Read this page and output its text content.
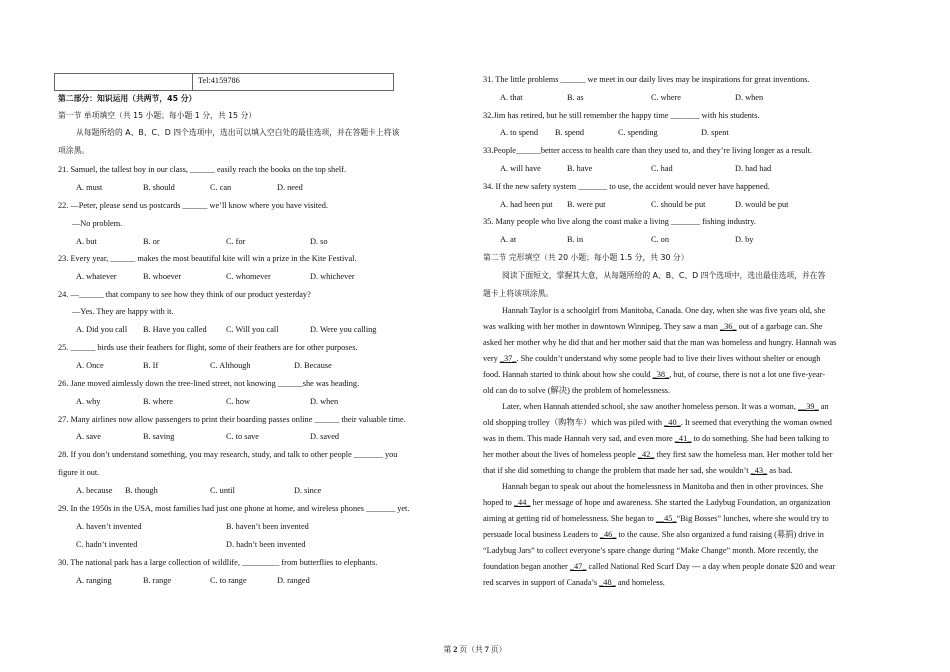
Tel:4159786
第二部分：知识运用（共两节，45 分）
第一节 单项填空（共 15 小题；每小题 1 分，共 15 分）
从每题所给的 A、B、C、D 四个选项中，选出可以填入空白处的最佳选项，并在答题卡上将该
项涂黑。
21. Samuel, the tallest boy in our class, ______ easily reach the books on the top shelf.
A. must	B. should	C. can	D. need
22. —Peter, please send us postcards ______ we’ll know where you have visited.
—No problem.
A. but	B. or	C. for	D. so
23. Every year, ______ makes the most beautiful kite will win a prize in the Kite Festival.
A. whatever	B. whoever	C. whomever	D. whichever
24. —______ that company to see how they think of our product yesterday?
—Yes. They are happy with it.
A. Did you call B. Have you called C. Will you call	D. Were you calling
25. ______ birds use their feathers for flight, some of their feathers are for other purposes.
A. Once	B. If	C. Although	D. Because
26. Jane moved aimlessly down the tree-lined street, not knowing ______she was heading.
A. why	B. where	C. how	D. when
27. Many airlines now allow passengers to print their boarding passes online ______ their valuable time.
A. save	B. saving	C. to save	D. saved
28. If you don’t understand something, you may research, study, and talk to other people _______ you
figure it out.
A. because B. though	C. until	D. since
29. In the 1950s in the USA, most families had just one phone at home, and wireless phones _______ yet.
A. haven’t invented	B. haven’t been invented
C. hadn’t invented	D. hadn’t been invented
30. The national park has a large collection of wildlife, _________ from butterflies to elephants.
A. ranging	B. range	C. to range	D. ranged
31. The little problems ______ we meet in our daily lives may be inspirations for great inventions.
A. that	B. as	C. where	D. when
32.Jim has retired, but he still remember the happy time _______ with his students.
A. to spend B. spend	C. spending	D. spent
33.People______better access to health care than they used to, and they’re living longer as a result.
A. will have	B. have	C. had	D. had had
34. If the new safety system _______ to use, the accident would never have happened.
A. had been put B. were put	C. should be put	D. would be put
35. Many people who live along the coast make a living _______ fishing industry.
A. at	B. in	C. on	D. by
第二节 完形填空（共 20 小题；每小题 1.5 分，共 30 分）
阅读下面短文，掌握其大意，从每题所给的 A、B、C、D 四个选项中，选出最佳选项，并在答
题卡上将该项涂黑。
Hannah Taylor is a schoolgirl from Manitoba, Canada. One day, when she was five years old, she
was walking with her mother in downtown Winnipeg. They saw a man _36_ out of a garbage can. She
asked her mother why he did that and her mother said that the man was homeless and hungry. Hannah was
very _37_. She couldn’t understand why some people had to live their lives without shelter or enough
food. Hannah started to think about how she could _38_, but, of course, there is not a lot one five-year-
old can do to solve (解决) the problem of homelessness.
Later, when Hannah attended school, she saw another homeless person. It was a woman, __39_ an
old shopping trolley（购物车）which was piled with _40_. It seemed that everything the woman owned
was in them. This made Hannah very sad, and even more _41_ to do something. She had been talking to
her mother about the lives of homeless people _42_ they first saw the homeless man. Her mother told her
that if she did something to change the problem that made her sad, she wouldn’t _43_ as bad.
Hannah began to speak out about the homelessness in Manitoba and then in other provinces. She
hoped to _44_ her message of hope and awareness. She started the Ladybug Foundation, an organization
aiming at getting rid of homelessness. She began to __45_“Big Bosses” lunches, where she would try to
persuade local business Leaders to _46_ to the cause. She also organized a fund raising (募捐) drive in
“Ladybug Jars” to collect everyone’s spare change during “Make Change” month. More recently, the
foundation began another _47_ called National Red Scarf Day --- a day when people donate $20 and wear
red scarves in support of Canada’s _48_ and homeless.
第 2 页（共 7 页）
